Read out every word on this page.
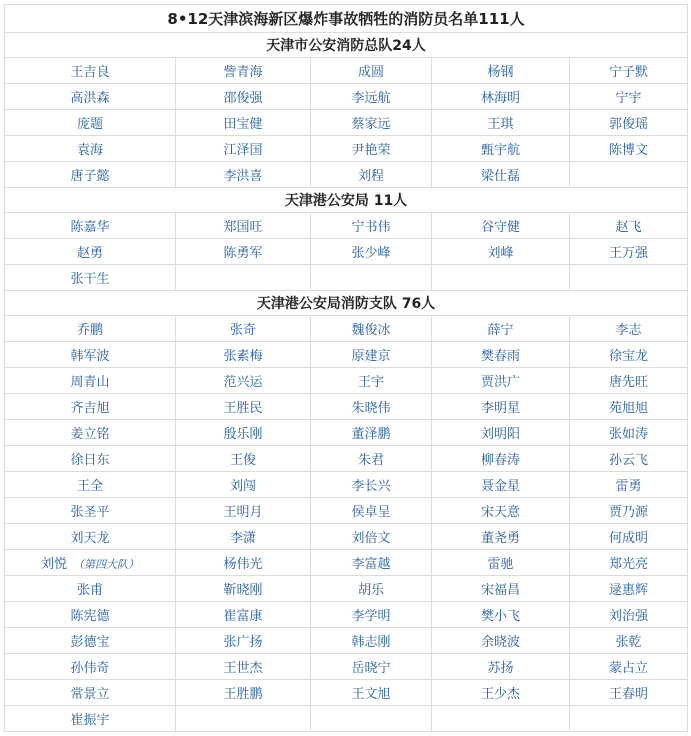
8•12天津滨海新区爆炸事故牺牲的消防员名单111人				
天津市公安消防总队24人				
王吉良	訾青海	成圆	杨钢	宁子默
高洪森	邵俊强	李远航	林海明	宁宇
庞题	田宝健	蔡家远	王琪	郭俊瑶
袁海	江泽国	尹艳荣	甄宇航	陈博文
唐子懿	李洪喜	刘程	梁仕磊	
天津港公安局 11人				
陈嘉华	郑国旺	宁书伟	谷守健	赵飞
赵勇	陈勇军	张少峰	刘峰	王万强
张干生				
天津港公安局消防支队 76人				
乔鹏	张奇	魏俊冰	薛宁	李志
韩军波	张素梅	原建京	樊春雨	徐宝龙
周青山	范兴运	王宇	贾洪广	唐先旺
齐吉旭	王胜民	朱晓伟	李明星	苑旭旭
姜立铭	殷乐刚	董泽鹏	刘明阳	张如涛
徐日东	王俊	朱君	柳春涛	孙云飞
王全	刘闯	李长兴	聂金星	雷勇
张圣平	王明月	侯卓呈	宋天意	贾乃源
刘天龙	李潇	刘倍文	董尧勇	何成明
刘悦 （第四大队）	杨伟光	李富越	雷驰	郑光亮
张甫	靳晓刚	胡乐	宋福昌	逯惠辉
陈宪德	崔富康	李学明	樊小飞	刘治强
彭德宝	张广扬	韩志刚	余晓波	张乾
孙伟奇	王世杰	岳晓宁	苏扬	蒙占立
常景立	王胜鹏	王文旭	王少杰	王春明
崔振宇				
